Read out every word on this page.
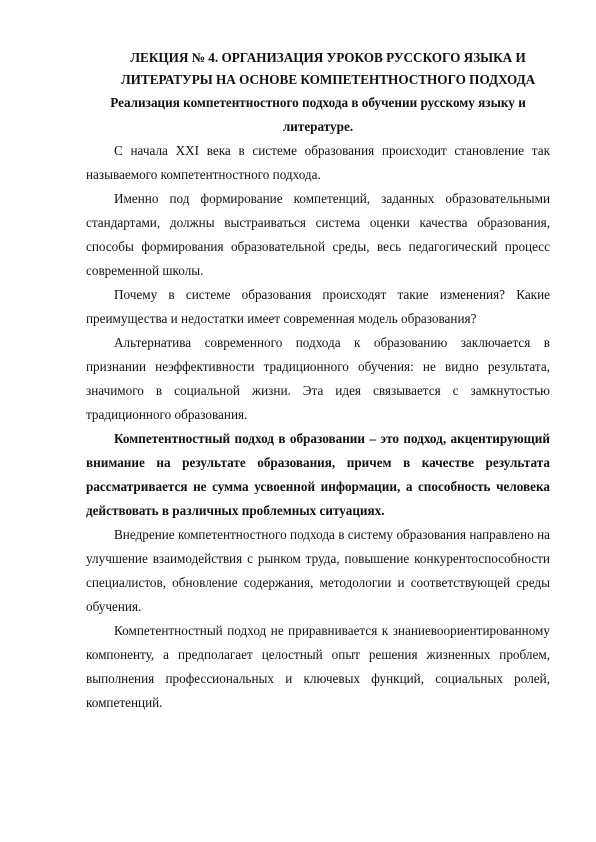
ЛЕКЦИЯ № 4. ОРГАНИЗАЦИЯ УРОКОВ РУССКОГО ЯЗЫКА И ЛИТЕРАТУРЫ НА ОСНОВЕ КОМПЕТЕНТНОСТНОГО ПОДХОДА

Реализация компетентностного подхода в обучении русскому языку и литературе.

С начала XXI века в системе образования происходит становление так называемого компетентностного подхода.

Именно под формирование компетенций, заданных образовательными стандартами, должны выстраиваться система оценки качества образования, способы формирования образовательной среды, весь педагогический процесс современной школы.

Почему в системе образования происходят такие изменения? Какие преимущества и недостатки имеет современная модель образования?

Альтернатива современного подхода к образованию заключается в признании неэффективности традиционного обучения: не видно результата, значимого в социальной жизни. Эта идея связывается с замкнутостью традиционного образования.

Компетентностный подход в образовании – это подход, акцентирующий внимание на результате образования, причем в качестве результата рассматривается не сумма усвоенной информации, а способность человека действовать в различных проблемных ситуациях.

Внедрение компетентностного подхода в систему образования направлено на улучшение взаимодействия с рынком труда, повышение конкурентоспособности специалистов, обновление содержания, методологии и соответствующей среды обучения.

Компетентностный подход не приравнивается к знаниевоориентированному компоненту, а предполагает целостный опыт решения жизненных проблем, выполнения профессиональных и ключевых функций, социальных ролей, компетенций.
